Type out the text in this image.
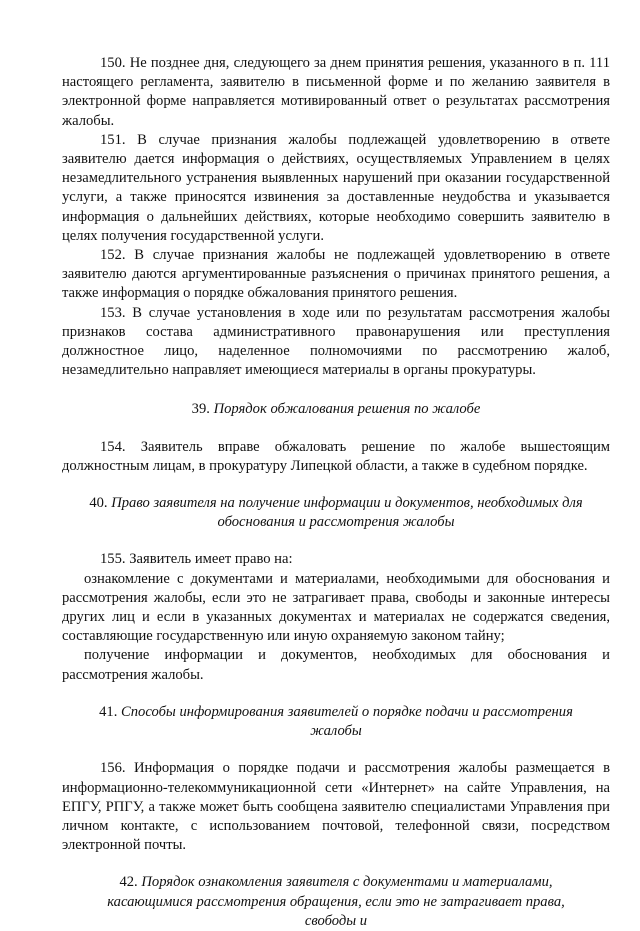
150. Не позднее дня, следующего за днем принятия решения, указанного в п. 111 настоящего регламента, заявителю в письменной форме и по желанию заявителя в электронной форме направляется мотивированный ответ о результатах рассмотрения жалобы.

151. В случае признания жалобы подлежащей удовлетворению в ответе заявителю дается информация о действиях, осуществляемых Управлением в целях незамедлительного устранения выявленных нарушений при оказании государственной услуги, а также приносятся извинения за доставленные неудобства и указывается информация о дальнейших действиях, которые необходимо совершить заявителю в целях получения государственной услуги.

152. В случае признания жалобы не подлежащей удовлетворению в ответе заявителю даются аргументированные разъяснения о причинах принятого решения, а также информация о порядке обжалования принятого решения.

153. В случае установления в ходе или по результатам рассмотрения жалобы признаков состава административного правонарушения или преступления должностное лицо, наделенное полномочиями по рассмотрению жалоб, незамедлительно направляет имеющиеся материалы в органы прокуратуры.

39. Порядок обжалования решения по жалобе

154. Заявитель вправе обжаловать решение по жалобе вышестоящим должностным лицам, в прокуратуру Липецкой области, а также в судебном порядке.

40. Право заявителя на получение информации и документов, необходимых для обоснования и рассмотрения жалобы

155. Заявитель имеет право на:

ознакомление с документами и материалами, необходимыми для обоснования и рассмотрения жалобы, если это не затрагивает права, свободы и законные интересы других лиц и если в указанных документах и материалах не содержатся сведения, составляющие государственную или иную охраняемую законом тайну;

получение информации и документов, необходимых для обоснования и рассмотрения жалобы.

41. Способы информирования заявителей о порядке подачи и рассмотрения жалобы

156. Информация о порядке подачи и рассмотрения жалобы размещается в информационно-телекоммуникационной сети «Интернет» на сайте Управления, на ЕПГУ, РПГУ, а также может быть сообщена заявителю специалистами Управления при личном контакте, с использованием почтовой, телефонной связи, посредством электронной почты.

42. Порядок ознакомления заявителя с документами и материалами, касающимися рассмотрения обращения, если это не затрагивает права, свободы и
